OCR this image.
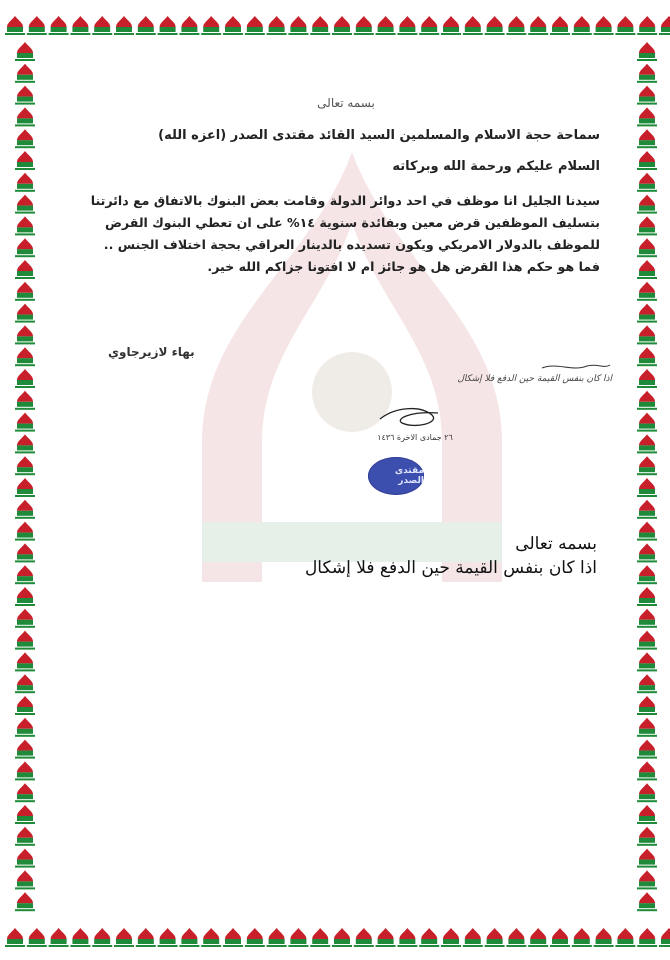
بسمه تعالى

سماحة حجة الاسلام والمسلمين السيد القائد مقتدى الصدر (اعزه الله)

السلام عليكم ورحمة الله وبركاته

سيدنا الجليل انا موظف في احد دوائر الدولة وقامت بعض البنوك بالاتفاق مع دائرتنا

بتسليف الموظفين قرض معين وبفائدة سنوية ١٤% على ان تعطي البنوك القرض

للموظف بالدولار الامريكي ويكون تسديده بالدينار العراقي بحجة اختلاف الجنس ..

فما هو حكم هذا القرض هل هو جائز ام لا افتونا جزاكم الله خير.

بهاء لازيرجاوي
اذا كان بنفس القيمة حين الدفع فلا إشكال
٢٦ جمادى الاخرة ١٤٣٦
مقتدى الصدر

بسمه تعالى

اذا كان بنفس القيمة حين الدفع فلا إشكال
